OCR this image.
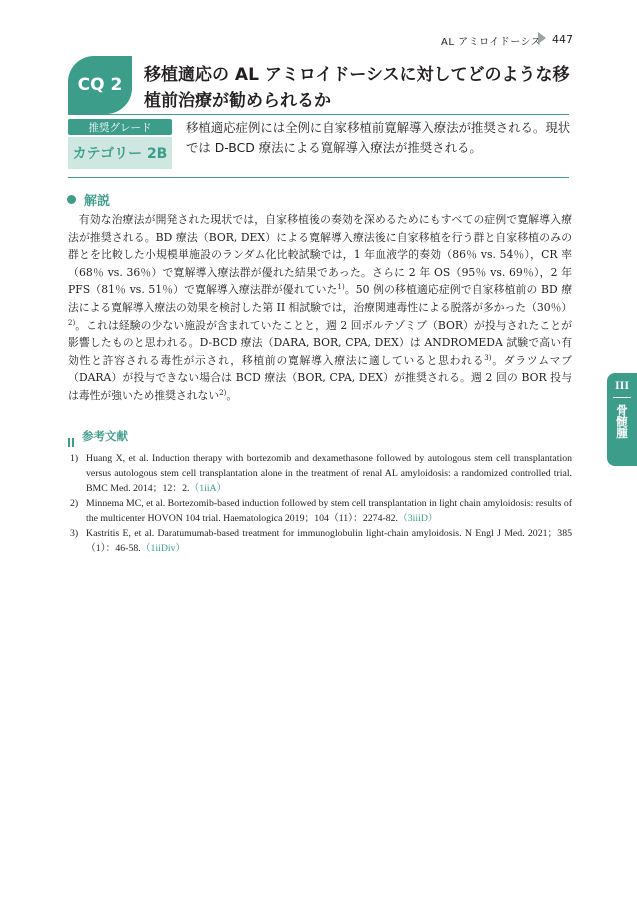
AL アミロイドーシス 447
CQ 2	移植適応の AL アミロイドーシスに対してどのような移植前治療が勧められるか
推奨グレード
カテゴリー 2B
移植適応症例には全例に自家移植前寛解導入療法が推奨される。現状では D-BCD 療法による寛解導入療法が推奨される。
解説

有効な治療法が開発された現状では，自家移植後の奏効を深めるためにもすべての症例で寛解導入療法が推奨される。BD 療法（BOR, DEX）による寛解導入療法後に自家移植を行う群と自家移植のみの群とを比較した小規模単施設のランダム化比較試験では，1 年血液学的奏効（86％ vs. 54％），CR 率（68％ vs. 36％）で寛解導入療法群が優れた結果であった。さらに 2 年 OS（95％ vs. 69％），2 年 PFS（81％ vs. 51％）で寛解導入療法群が優れていた$^{1)}$。50 例の移植適応症例で自家移植前の BD 療法による寛解導入療法の効果を検討した第 II 相試験では，治療関連毒性による脱落が多かった（30％）$^{2)}$。これは経験の少ない施設が含まれていたことと，週 2 回ボルテゾミブ（BOR）が投与されたことが影響したものと思われる。D-BCD 療法（DARA, BOR, CPA, DEX）は ANDROMEDA 試験で高い有効性と許容される毒性が示され，移植前の寛解導入療法に適していると思われる$^{3)}$。ダラツムマブ（DARA）が投与できない場合は BCD 療法（BOR, CPA, DEX）が推奨される。週 2 回の BOR 投与は毒性が強いため推奨されない$^{2)}$。

参考文献
1) Huang X, et al. Induction therapy with bortezomib and dexamethasone followed by autologous stem cell transplantation versus autologous stem cell transplantation alone in the treatment of renal AL amyloidosis: a randomized controlled trial. BMC Med. 2014；12：2.（1iiA）
2) Minnema MC, et al. Bortezomib-based induction followed by stem cell transplantation in light chain amyloidosis: results of the multicenter HOVON 104 trial. Haematologica 2019；104（11）：2274-82.（3iiiD）
3) Kastritis E, et al. Daratumumab-based treatment for immunoglobulin light-chain amyloidosis. N Engl J Med. 2021；385（1）：46-58.（1iiDiv）
III
骨髄腫
